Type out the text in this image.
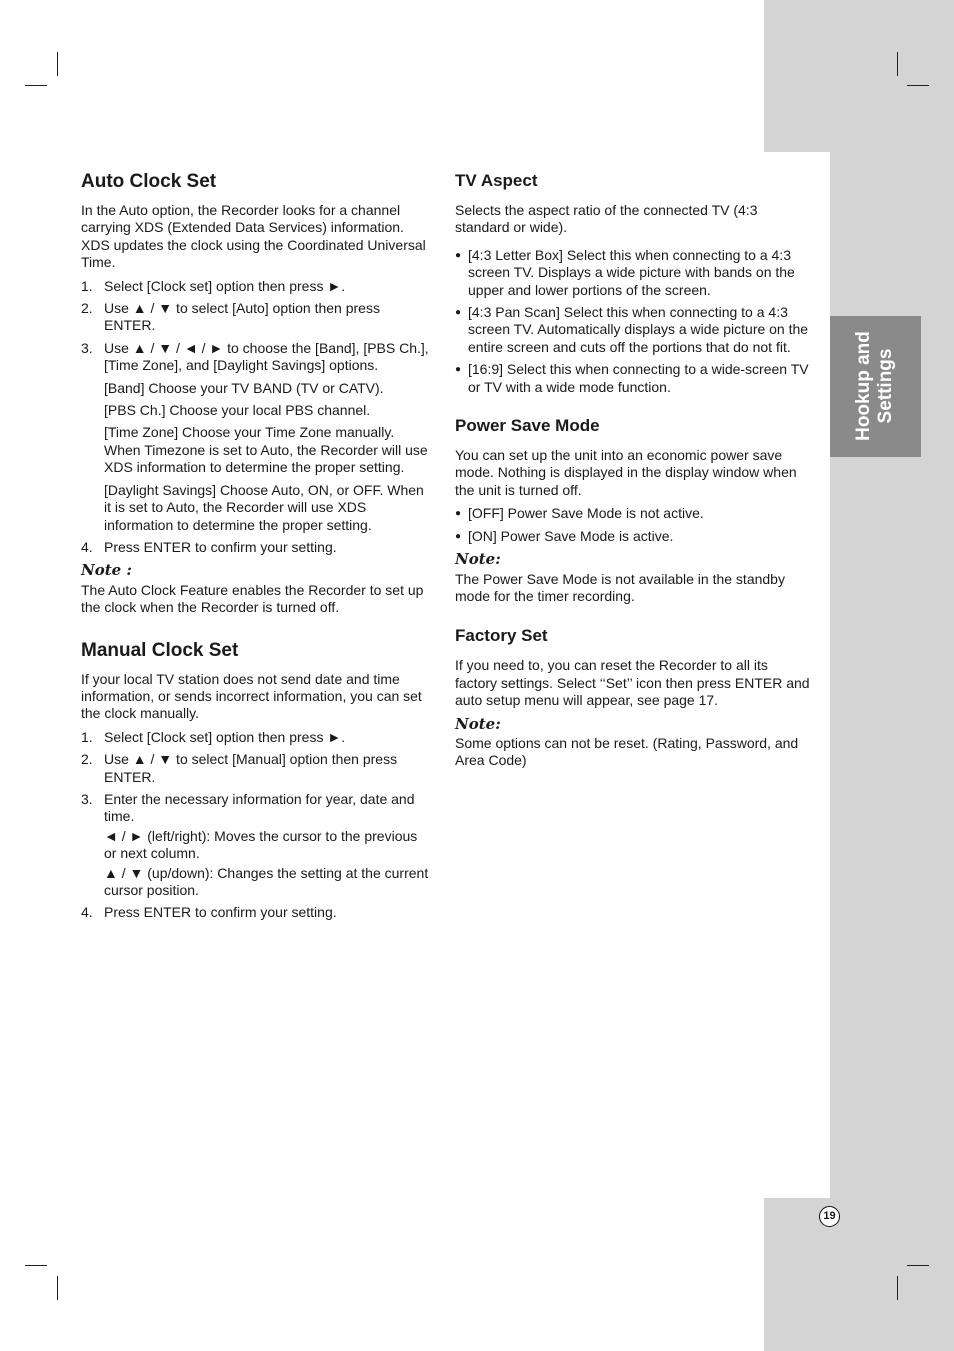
Hookup and Settings
19
Auto Clock Set

In the Auto option, the Recorder looks for a channel carrying XDS (Extended Data Services) information. XDS updates the clock using the Coordinated Universal Time.

1. Select [Clock set] option then press ►.
2. Use ▲ / ▼ to select [Auto] option then press ENTER.
3. Use ▲ / ▼ / ◄ / ► to choose the [Band], [PBS Ch.], [Time Zone], and [Daylight Savings] options.
[Band] Choose your TV BAND (TV or CATV).
[PBS Ch.] Choose your local PBS channel.
[Time Zone] Choose your Time Zone manually. When Timezone is set to Auto, the Recorder will use XDS information to determine the proper setting.
[Daylight Savings] Choose Auto, ON, or OFF. When it is set to Auto, the Recorder will use XDS information to determine the proper setting.
4. Press ENTER to confirm your setting.
Note :

The Auto Clock Feature enables the Recorder to set up the clock when the Recorder is turned off.

Manual Clock Set

If your local TV station does not send date and time information, or sends incorrect information, you can set the clock manually.

1. Select [Clock set] option then press ►.
2. Use ▲ / ▼ to select [Manual] option then press ENTER.
3. Enter the necessary information for year, date and time.
◄ / ► (left/right): Moves the cursor to the previous or next column.
▲ / ▼ (up/down): Changes the setting at the current cursor position.
4. Press ENTER to confirm your setting.
TV Aspect

Selects the aspect ratio of the connected TV (4:3 standard or wide).

● [4:3 Letter Box] Select this when connecting to a 4:3 screen TV. Displays a wide picture with bands on the upper and lower portions of the screen.
● [4:3 Pan Scan] Select this when connecting to a 4:3 screen TV. Automatically displays a wide picture on the entire screen and cuts off the portions that do not fit.
● [16:9] Select this when connecting to a wide-screen TV or TV with a wide mode function.
Power Save Mode

You can set up the unit into an economic power save mode. Nothing is displayed in the display window when the unit is turned off.

● [OFF] Power Save Mode is not active.
● [ON] Power Save Mode is active.
Note:

The Power Save Mode is not available in the standby mode for the timer recording.

Factory Set

If you need to, you can reset the Recorder to all its factory settings. Select ‘‘Set’’ icon then press ENTER and auto setup menu will appear, see page 17.

Note:

Some options can not be reset. (Rating, Password, and Area Code)
